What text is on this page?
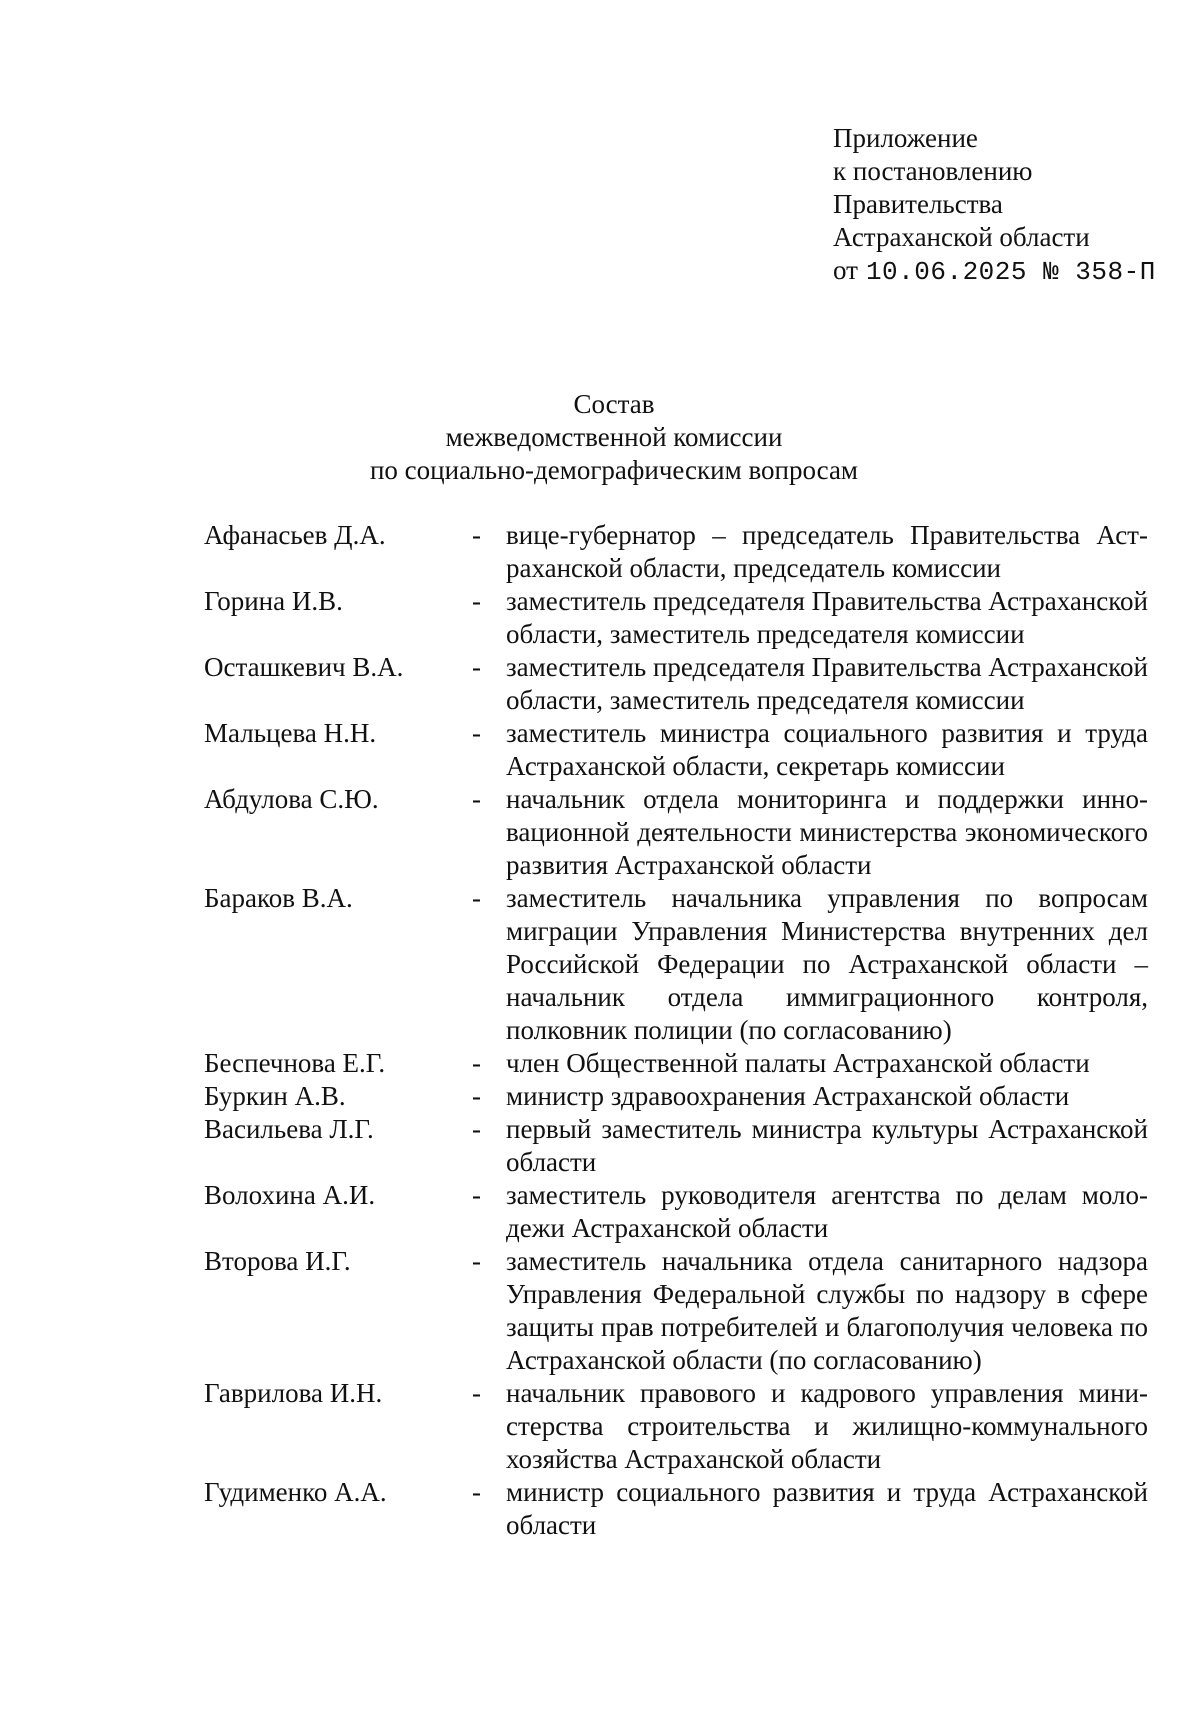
Приложение
к постановлению
Правительства
Астраханской области
от 10.06.2025 № 358-П
Состав
межведомственной комиссии
по социально-демографическим вопросам
Афанасьев Д.А.	- вице-губернатор – председатель Правительства Астраханской области, председатель комиссии
Горина И.В.	- заместитель председателя Правительства Астраханской области, заместитель председателя комиссии
Осташкевич В.А.	- заместитель председателя Правительства Астраханской области, заместитель председателя комиссии
Мальцева Н.Н.	- заместитель министра социального развития и труда Астраханской области, секретарь комиссии
Абдулова С.Ю.	- начальник отдела мониторинга и поддержки инновационной деятельности министерства экономического развития Астраханской области
Бараков В.А.	- заместитель начальника управления по вопросам миграции Управления Министерства внутренних дел Российской Федерации по Астраханской области – начальник отдела иммиграционного контроля, полковник полиции (по согласованию)
Беспечнова Е.Г.	- член Общественной палаты Астраханской области
Буркин А.В.	- министр здравоохранения Астраханской области
Васильева Л.Г.	- первый заместитель министра культуры Астраханской области
Волохина А.И.	- заместитель руководителя агентства по делам молодежи Астраханской области
Второва И.Г.	- заместитель начальника отдела санитарного надзора Управления Федеральной службы по надзору в сфере защиты прав потребителей и благополучия человека по Астраханской области (по согласованию)
Гаврилова И.Н.	- начальник правового и кадрового управления министерства строительства и жилищно-коммунального хозяйства Астраханской области
Гудименко А.А.	- министр социального развития и труда Астраханской области
